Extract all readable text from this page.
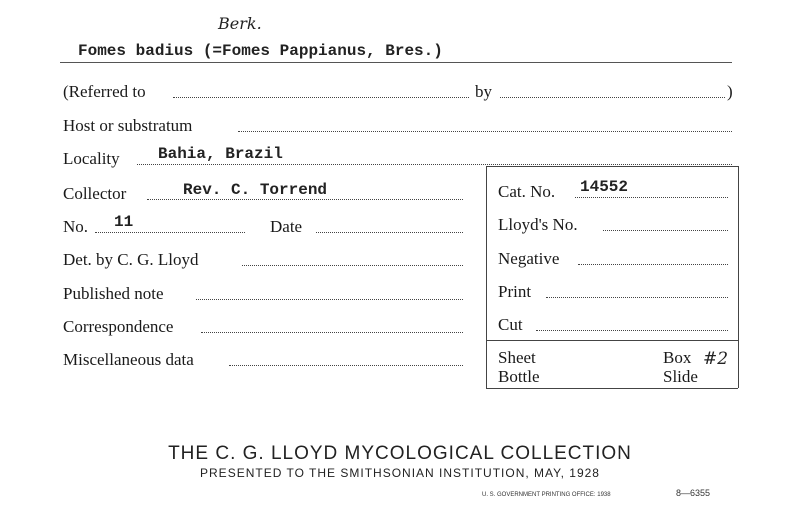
Berk.
Fomes badius (=Fomes Pappianus, Bres.)
(Referred to	by	)
Host or substratum
Locality Bahia, Brazil
Collector	Rev. C. Torrend
No. 11	Date
Det. by C. G. Lloyd
Published note
Correspondence
Miscellaneous data
Cat. No. 14552
Lloyd's No.
Negative
Print
Cut
Sheet
Bottle
Box #2
Slide
THE C. G. LLOYD MYCOLOGICAL COLLECTION
PRESENTED TO THE SMITHSONIAN INSTITUTION, MAY, 1928
U. S. GOVERNMENT PRINTING OFFICE: 1938	8—6355
